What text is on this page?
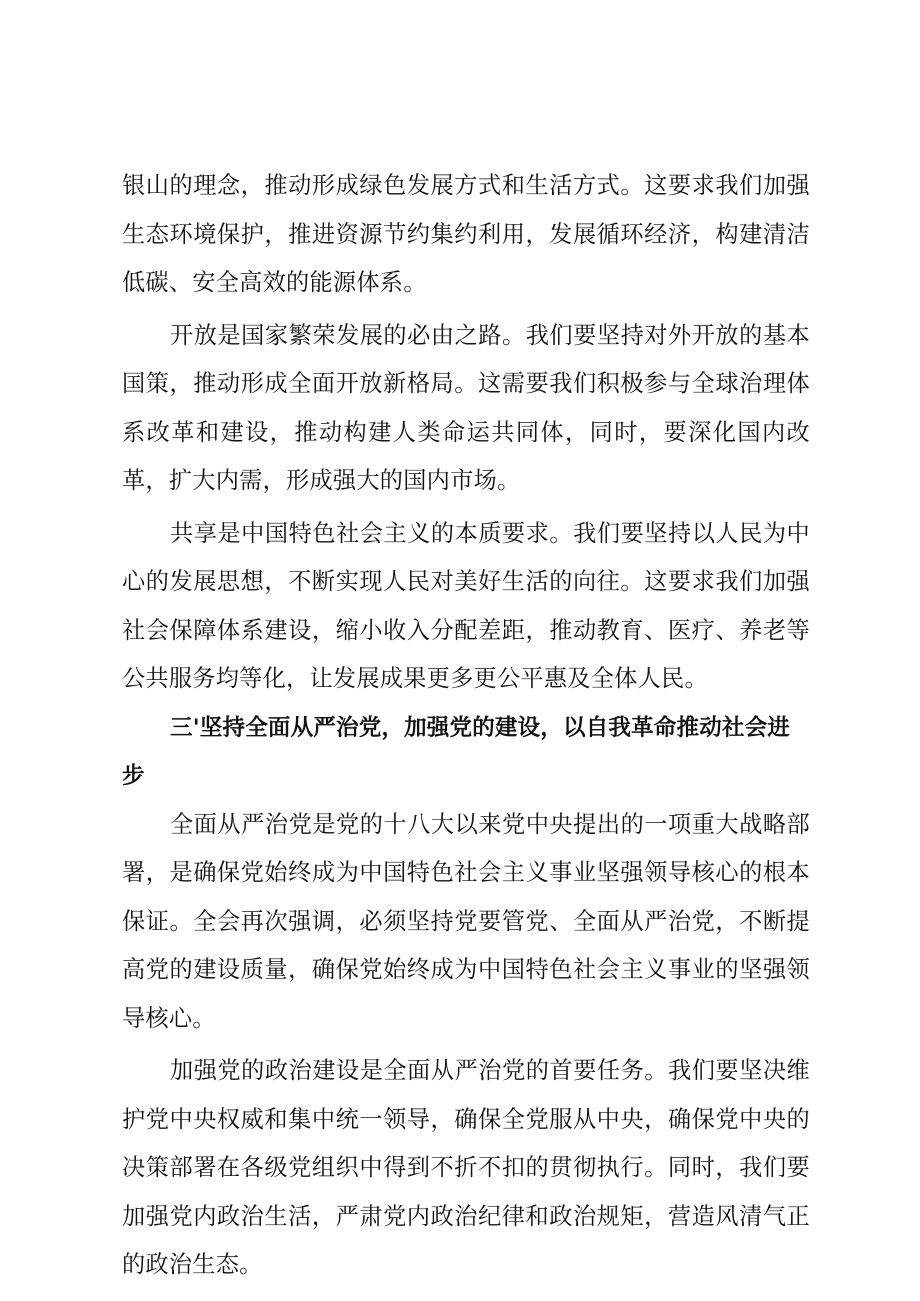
银山的理念，推动形成绿色发展方式和生活方式。这要求我们加强生态环境保护，推进资源节约集约利用，发展循环经济，构建清洁低碳、安全高效的能源体系。

开放是国家繁荣发展的必由之路。我们要坚持对外开放的基本国策，推动形成全面开放新格局。这需要我们积极参与全球治理体系改革和建设，推动构建人类命运共同体，同时，要深化国内改革，扩大内需，形成强大的国内市场。

共享是中国特色社会主义的本质要求。我们要坚持以人民为中心的发展思想，不断实现人民对美好生活的向往。这要求我们加强社会保障体系建设，缩小收入分配差距，推动教育、医疗、养老等公共服务均等化，让发展成果更多更公平惠及全体人民。

三'坚持全面从严治党，加强党的建设，以自我革命推动社会进步

全面从严治党是党的十八大以来党中央提出的一项重大战略部署，是确保党始终成为中国特色社会主义事业坚强领导核心的根本保证。全会再次强调，必须坚持党要管党、全面从严治党，不断提高党的建设质量，确保党始终成为中国特色社会主义事业的坚强领导核心。

加强党的政治建设是全面从严治党的首要任务。我们要坚决维护党中央权威和集中统一领导，确保全党服从中央，确保党中央的决策部署在各级党组织中得到不折不扣的贯彻执行。同时，我们要加强党内政治生活，严肃党内政治纪律和政治规矩，营造风清气正的政治生态。
